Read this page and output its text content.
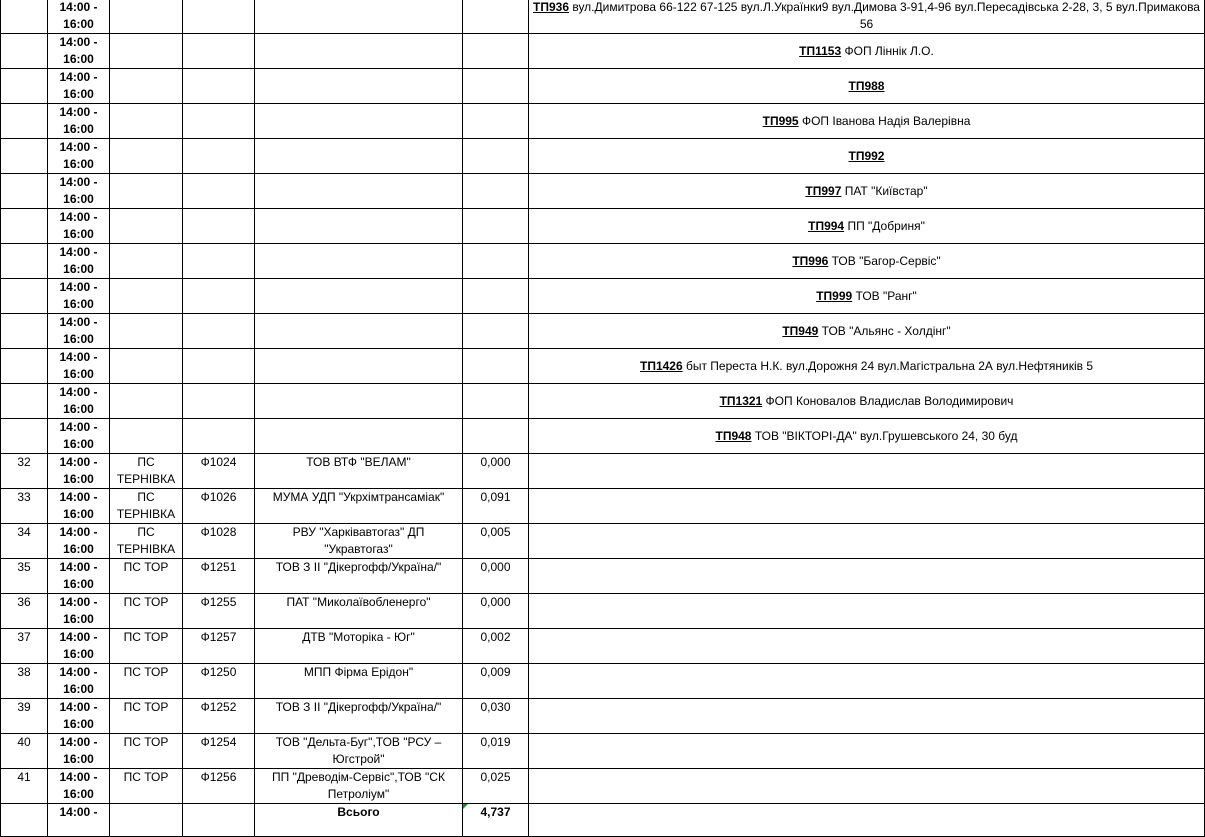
	14:00 -
16:00					ТП936 вул.Димитрова 66-122 67-125 вул.Л.Українки9 вул.Димова 3-91,4-96 вул.Пересадівська 2-28, 3, 5 вул.Примакова 56

	14:00 -
16:00					ТП1153 ФОП Ліннік Л.О.

	14:00 -
16:00					ТП988

	14:00 -
16:00					ТП995 ФОП Іванова Надія Валерівна

	14:00 -
16:00					ТП992

	14:00 -
16:00					ТП997 ПАТ "Київстар"

	14:00 -
16:00					ТП994 ПП "Добриня"

	14:00 -
16:00					ТП996 ТОВ "Багор-Сервіс"

	14:00 -
16:00					ТП999 ТОВ "Ранг"

	14:00 -
16:00					ТП949 ТОВ "Альянс - Холдінг"

	14:00 -
16:00					ТП1426 быт Переста Н.К. вул.Дорожня 24 вул.Магістральна 2А вул.Нефтяників 5

	14:00 -
16:00					ТП1321 ФОП Коновалов Владислав Володимирович

	14:00 -
16:00					ТП948 ТОВ "ВІКТОРІ-ДА" вул.Грушевського 24, 30 буд
32	14:00 -
16:00	ПС ТЕРНІВКА	Ф1024	ТОВ ВТФ "ВЕЛАМ"	0,000	
33	14:00 -
16:00	ПС ТЕРНІВКА	Ф1026	МУМА УДП "Укрхімтрансаміак"	0,091	
34	14:00 -
16:00	ПС ТЕРНІВКА	Ф1028	РВУ "Харківавтогаз" ДП "Укравтогаз"	0,005	
35	14:00 -
16:00	ПС ТОР	Ф1251	ТОВ З ІІ "Дікергофф/Україна/"	0,000	
36	14:00 -
16:00	ПС ТОР	Ф1255	ПАТ "Миколаївобленерго"	0,000	
37	14:00 -
16:00	ПС ТОР	Ф1257	ДТВ "Моторіка - Юг"	0,002	
38	14:00 -
16:00	ПС ТОР	Ф1250	МПП Фірма Ерідон"	0,009	
39	14:00 -
16:00	ПС ТОР	Ф1252	ТОВ З ІІ "Дікергофф/Україна/"	0,030	
40	14:00 -
16:00	ПС ТОР	Ф1254	ТОВ "Дельта-Буг",ТОВ "РСУ – Югстрой"	0,019	
41	14:00 -
16:00	ПС ТОР	Ф1256	ПП "Древодім-Сервіс",ТОВ "СК Петроліум"	0,025	
	14:00 -			Всього	4,737	
